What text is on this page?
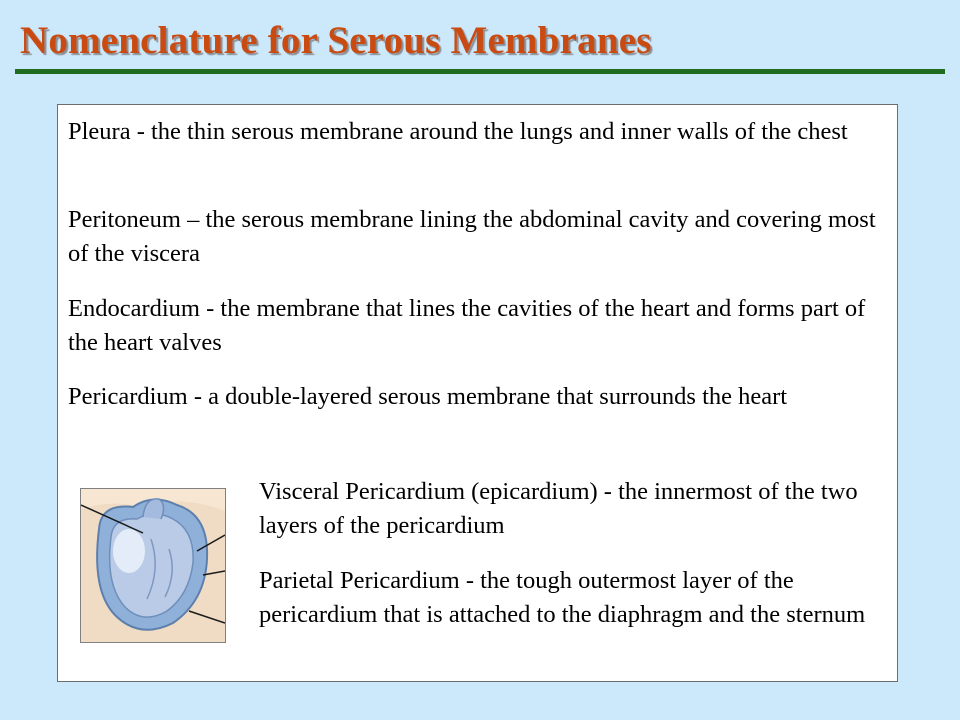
Nomenclature for Serous Membranes

Pleura - the thin serous membrane around the lungs and inner walls of the chest

Peritoneum – the serous membrane lining the abdominal cavity and covering most of the viscera

Endocardium - the membrane that lines the cavities of the heart and forms part of the heart valves

Pericardium - a double-layered serous membrane that surrounds the heart

Visceral Pericardium (epicardium) - the innermost of the two layers of the pericardium

Parietal Pericardium - the tough outermost layer of the pericardium that is attached to the diaphragm and the sternum
